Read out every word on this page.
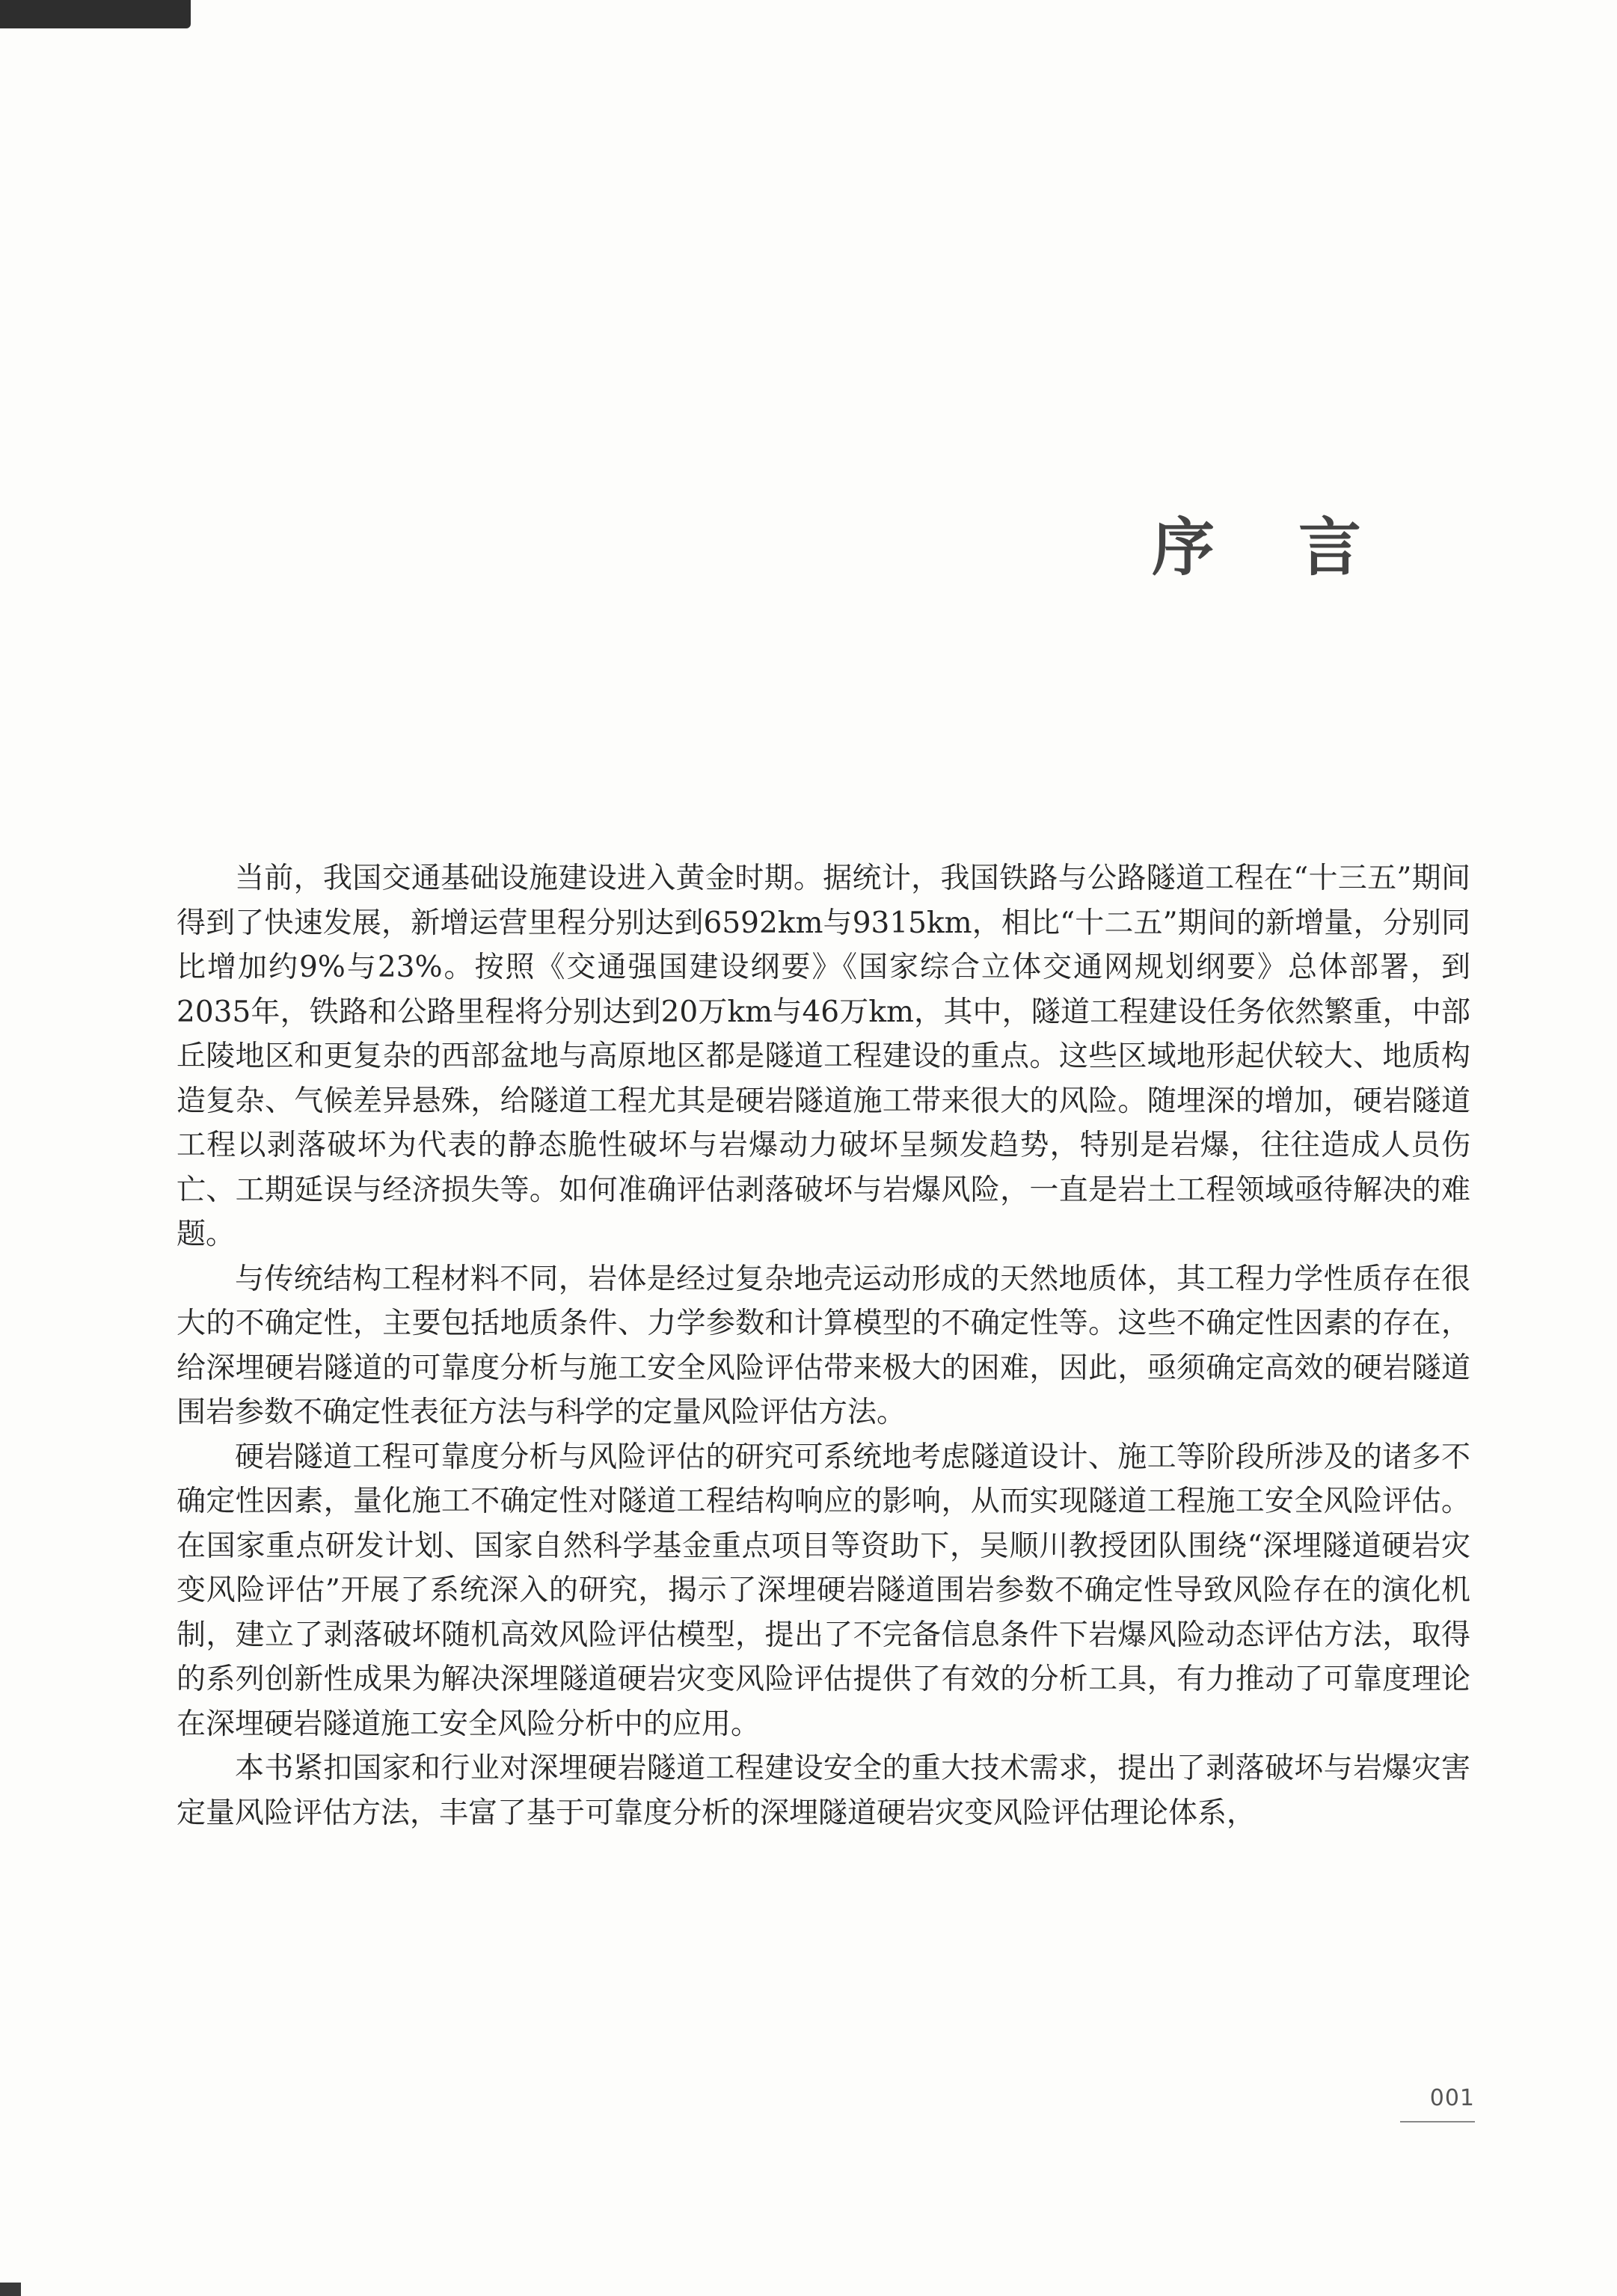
序言

当前，我国交通基础设施建设进入黄金时期。据统计，我国铁路与公路隧道工程在“十三五”期间得到了快速发展，新增运营里程分别达到6592km与9315km，相比“十二五”期间的新增量，分别同比增加约9%与23%。按照《交通强国建设纲要》《国家综合立体交通网规划纲要》总体部署，到2035年，铁路和公路里程将分别达到20万km与46万km，其中，隧道工程建设任务依然繁重，中部丘陵地区和更复杂的西部盆地与高原地区都是隧道工程建设的重点。这些区域地形起伏较大、地质构造复杂、气候差异悬殊，给隧道工程尤其是硬岩隧道施工带来很大的风险。随埋深的增加，硬岩隧道工程以剥落破坏为代表的静态脆性破坏与岩爆动力破坏呈频发趋势，特别是岩爆，往往造成人员伤亡、工期延误与经济损失等。如何准确评估剥落破坏与岩爆风险，一直是岩土工程领域亟待解决的难题。

与传统结构工程材料不同，岩体是经过复杂地壳运动形成的天然地质体，其工程力学性质存在很大的不确定性，主要包括地质条件、力学参数和计算模型的不确定性等。这些不确定性因素的存在，给深埋硬岩隧道的可靠度分析与施工安全风险评估带来极大的困难，因此，亟须确定高效的硬岩隧道围岩参数不确定性表征方法与科学的定量风险评估方法。

硬岩隧道工程可靠度分析与风险评估的研究可系统地考虑隧道设计、施工等阶段所涉及的诸多不确定性因素，量化施工不确定性对隧道工程结构响应的影响，从而实现隧道工程施工安全风险评估。在国家重点研发计划、国家自然科学基金重点项目等资助下，吴顺川教授团队围绕“深埋隧道硬岩灾变风险评估”开展了系统深入的研究，揭示了深埋硬岩隧道围岩参数不确定性导致风险存在的演化机制，建立了剥落破坏随机高效风险评估模型，提出了不完备信息条件下岩爆风险动态评估方法，取得的系列创新性成果为解决深埋隧道硬岩灾变风险评估提供了有效的分析工具，有力推动了可靠度理论在深埋硬岩隧道施工安全风险分析中的应用。

本书紧扣国家和行业对深埋硬岩隧道工程建设安全的重大技术需求，提出了剥落破坏与岩爆灾害定量风险评估方法，丰富了基于可靠度分析的深埋隧道硬岩灾变风险评估理论体系，

001
